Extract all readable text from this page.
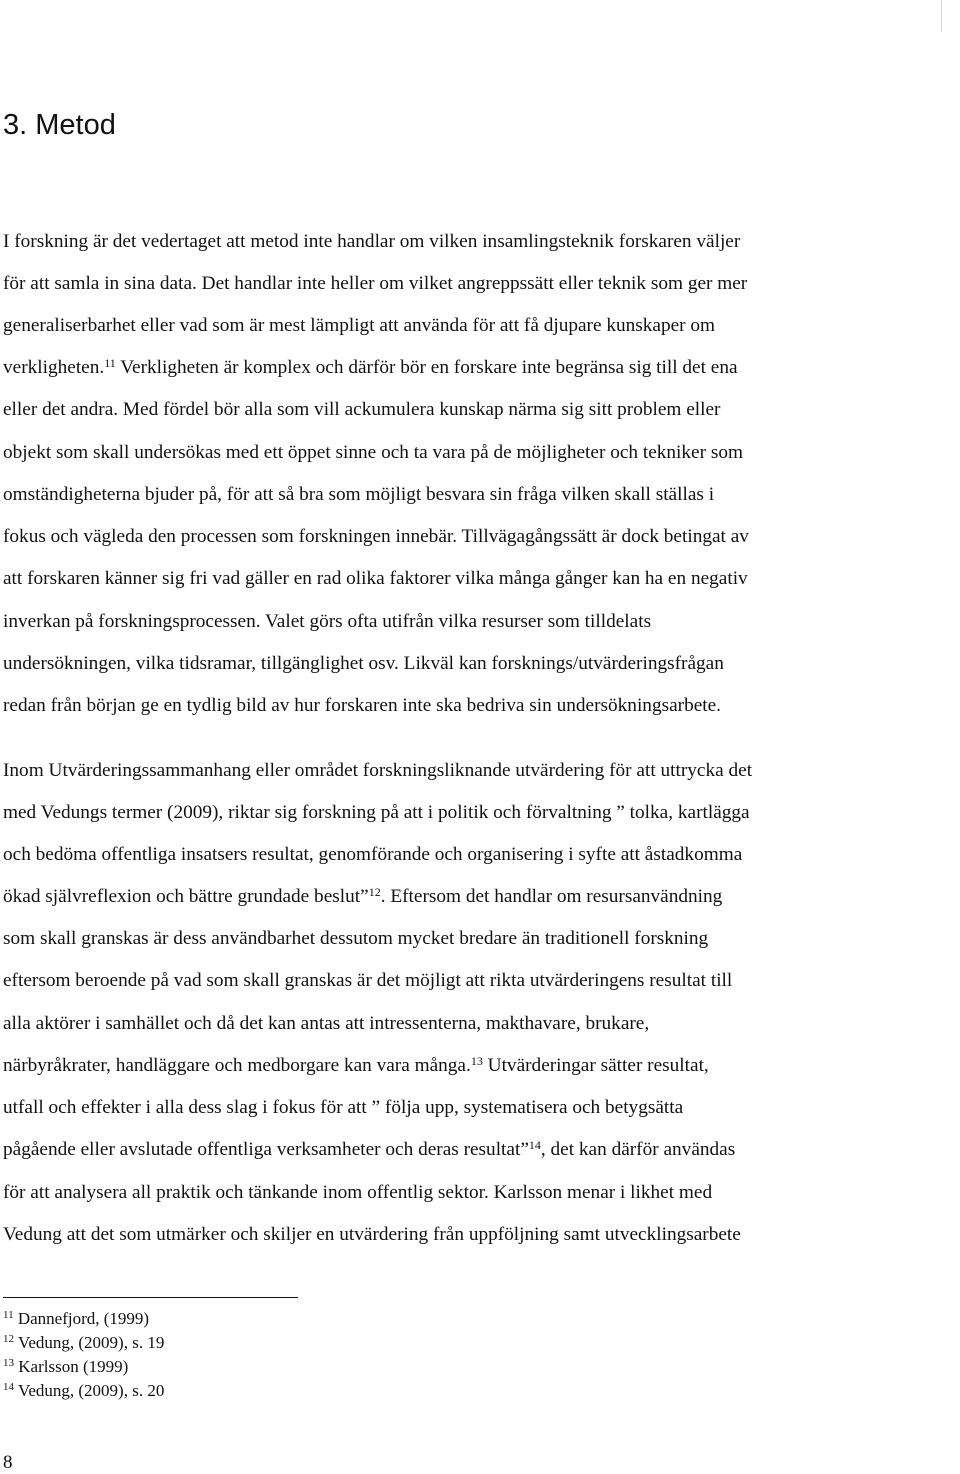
3. Metod

I forskning är det vedertaget att metod inte handlar om vilken insamlingsteknik forskaren väljer

för att samla in sina data. Det handlar inte heller om vilket angreppssätt eller teknik som ger mer

generaliserbarhet eller vad som är mest lämpligt att använda för att få djupare kunskaper om

verkligheten.$^{11}$ Verkligheten är komplex och därför bör en forskare inte begränsa sig till det ena

eller det andra. Med fördel bör alla som vill ackumulera kunskap närma sig sitt problem eller

objekt som skall undersökas med ett öppet sinne och ta vara på de möjligheter och tekniker som

omständigheterna bjuder på, för att så bra som möjligt besvara sin fråga vilken skall ställas i

fokus och vägleda den processen som forskningen innebär. Tillvägagångssätt är dock betingat av

att forskaren känner sig fri vad gäller en rad olika faktorer vilka många gånger kan ha en negativ

inverkan på forskningsprocessen. Valet görs ofta utifrån vilka resurser som tilldelats

undersökningen, vilka tidsramar, tillgänglighet osv. Likväl kan forsknings/utvärderingsfrågan

redan från början ge en tydlig bild av hur forskaren inte ska bedriva sin undersökningsarbete.

Inom Utvärderingssammanhang eller området forskningsliknande utvärdering för att uttrycka det

med Vedungs termer (2009), riktar sig forskning på att i politik och förvaltning ” tolka, kartlägga

och bedöma offentliga insatsers resultat, genomförande och organisering i syfte att åstadkomma

ökad självreflexion och bättre grundade beslut”$^{12}$. Eftersom det handlar om resursanvändning

som skall granskas är dess användbarhet dessutom mycket bredare än traditionell forskning

eftersom beroende på vad som skall granskas är det möjligt att rikta utvärderingens resultat till

alla aktörer i samhället och då det kan antas att intressenterna, makthavare, brukare,

närbyråkrater, handläggare och medborgare kan vara många.$^{13}$ Utvärderingar sätter resultat,

utfall och effekter i alla dess slag i fokus för att ” följa upp, systematisera och betygsätta

pågående eller avslutade offentliga verksamheter och deras resultat”$^{14}$, det kan därför användas

för att analysera all praktik och tänkande inom offentlig sektor. Karlsson menar i likhet med

Vedung att det som utmärker och skiljer en utvärdering från uppföljning samt utvecklingsarbete

$^{11}$ Dannefjord, (1999)

$^{12}$ Vedung, (2009), s. 19

$^{13}$ Karlsson (1999)

$^{14}$ Vedung, (2009), s. 20

8
